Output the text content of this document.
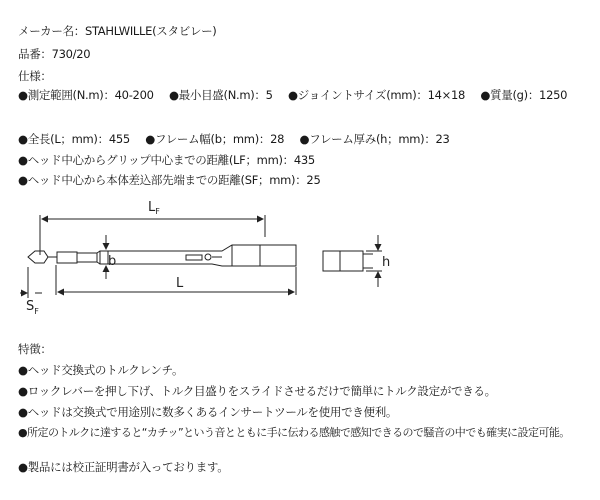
メーカー名：STAHLWILLE(スタビレー)
品番：730/20
仕様：
●測定範囲(N.m)：40-200 ●最小目盛(N.m)：5 ●ジョイントサイズ(mm)：14×18 ●質量(g)：1250
●全長(L；mm)：455 ●フレーム幅(b；mm)：28 ●フレーム厚み(h；mm)：23
●ヘッド中心からグリップ中心までの距離(LF；mm)：435
●ヘッド中心から本体差込部先端までの距離(SF；mm)：25
$L_F$
b
L
$S_F$
h
特徴：
●ヘッド交換式のトルクレンチ。
●ロックレバーを押し下げ、トルク目盛りをスライドさせるだけで簡単にトルク設定ができる。
●ヘッドは交換式で用途別に数多くあるインサートツールを使用でき便利。
●所定のトルクに達すると“カチッ”という音とともに手に伝わる感触で感知できるので騒音の中でも確実に設定可能。
●製品には校正証明書が入っております。
